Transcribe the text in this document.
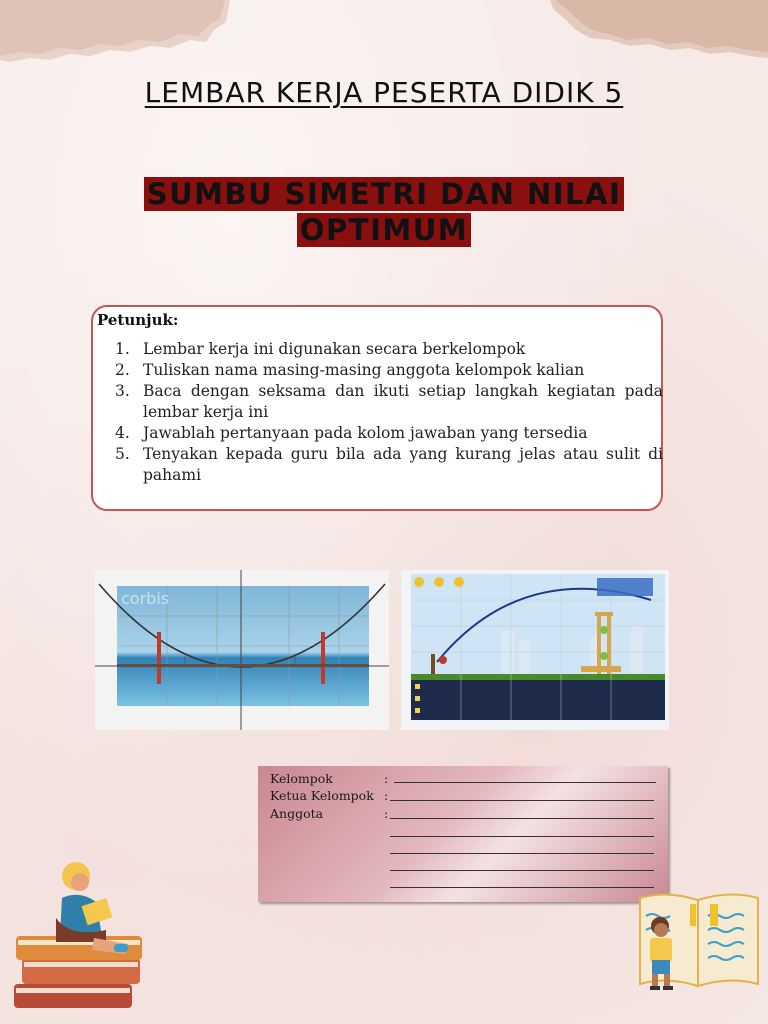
LEMBAR KERJA PESERTA DIDIK 5
SUMBU SIMETRI DAN NILAI
OPTIMUM
Petunjuk:
1. Lembar kerja ini digunakan secara berkelompok
2. Tuliskan nama masing-masing anggota kelompok kalian
3. Baca dengan seksama dan ikuti setiap langkah kegiatan pada lembar kerja ini
4. Jawablah pertanyaan pada kolom jawaban yang tersedia
5. Tenyakan kepada guru bila ada yang kurang jelas atau sulit di pahami
corbis
Kelompok	:
Ketua Kelompok :
Anggota	:
